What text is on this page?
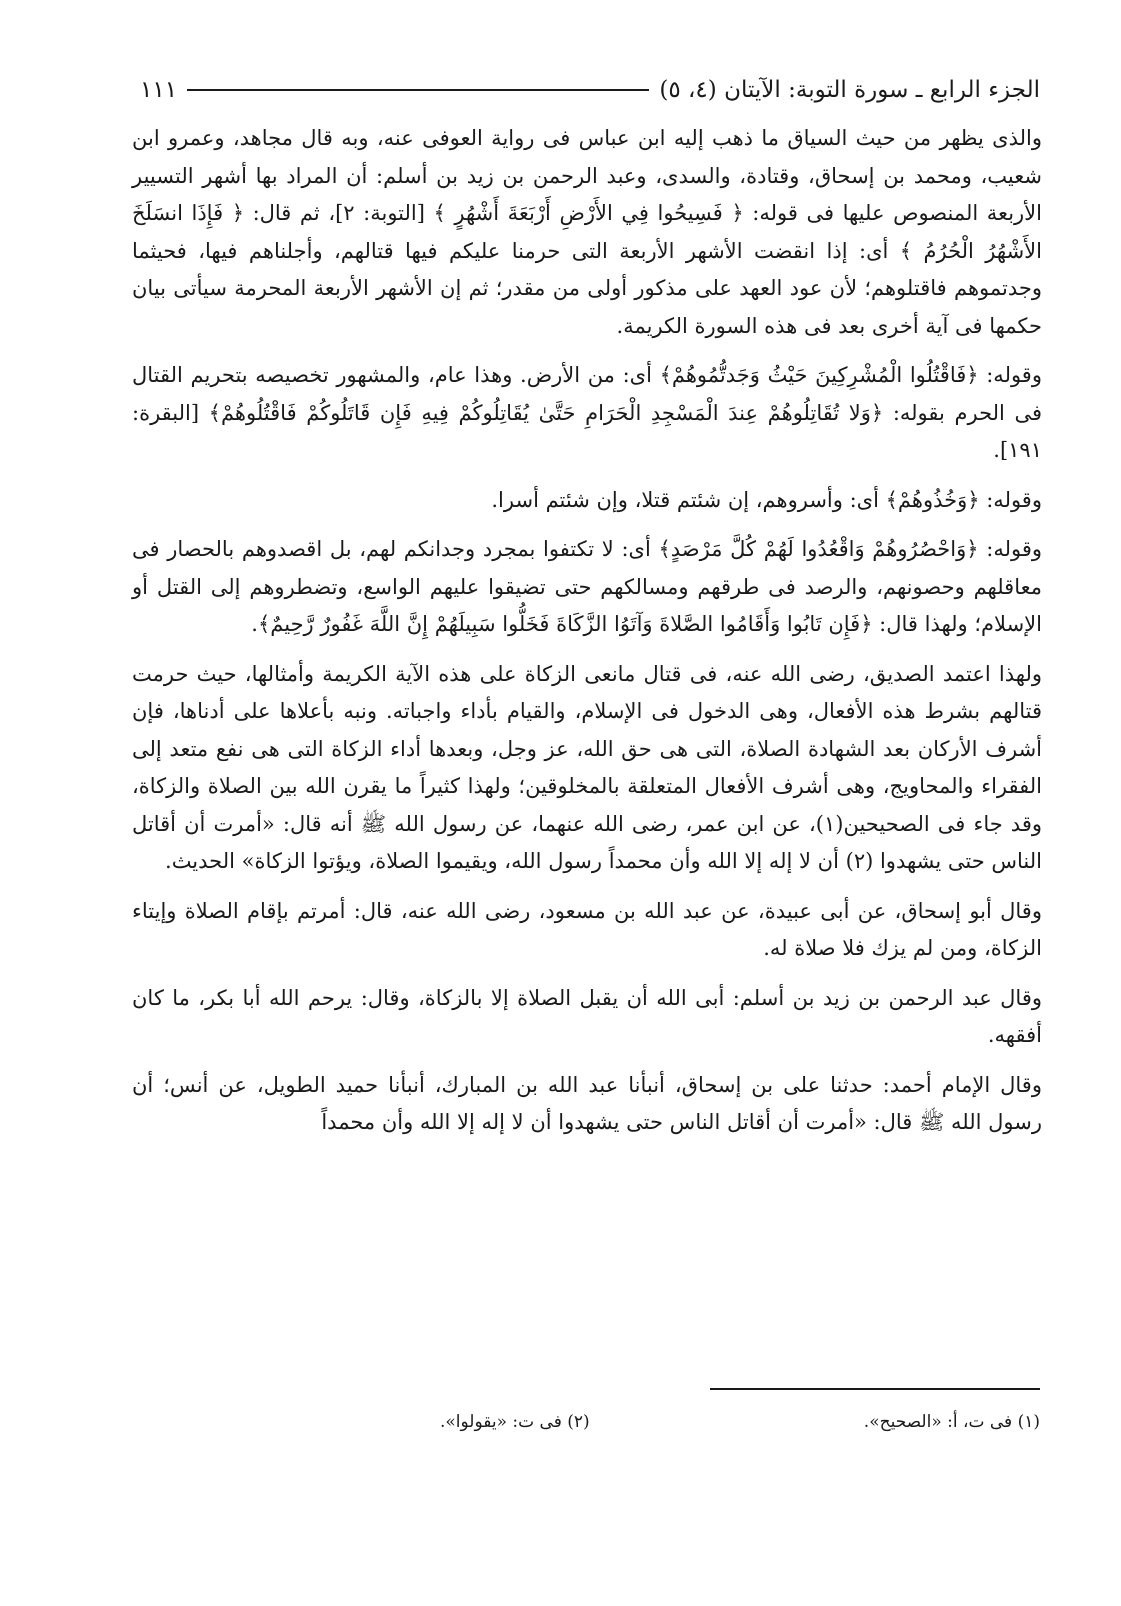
الجزء الرابع ـ سورة التوبة: الآيتان (٤، ٥)
١١١

والذى يظهر من حيث السياق ما ذهب إليه ابن عباس فى رواية العوفى عنه، وبه قال مجاهد، وعمرو ابن شعيب، ومحمد بن إسحاق، وقتادة، والسدى، وعبد الرحمن بن زيد بن أسلم: أن المراد بها أشهر التسيير الأربعة المنصوص عليها فى قوله: ﴿ فَسِيحُوا فِي الأَرْضِ أَرْبَعَةَ أَشْهُرٍ ﴾ [التوبة: ٢]، ثم قال: ﴿ فَإِذَا انسَلَخَ الأَشْهُرُ الْحُرُمُ ﴾ أى: إذا انقضت الأشهر الأربعة التى حرمنا عليكم فيها قتالهم، وأجلناهم فيها، فحيثما وجدتموهم فاقتلوهم؛ لأن عود العهد على مذكور أولى من مقدر؛ ثم إن الأشهر الأربعة المحرمة سيأتى بيان حكمها فى آية أخرى بعد فى هذه السورة الكريمة.

وقوله: ﴿فَاقْتُلُوا الْمُشْرِكِينَ حَيْثُ وَجَدتُّمُوهُمْ﴾ أى: من الأرض. وهذا عام، والمشهور تخصيصه بتحريم القتال فى الحرم بقوله: ﴿وَلا تُقَاتِلُوهُمْ عِندَ الْمَسْجِدِ الْحَرَامِ حَتَّىٰ يُقَاتِلُوكُمْ فِيهِ فَإِن قَاتَلُوكُمْ فَاقْتُلُوهُمْ﴾ [البقرة: ١٩١].

وقوله: ﴿وَخُذُوهُمْ﴾ أى: وأسروهم، إن شئتم قتلا، وإن شئتم أسرا.

وقوله: ﴿وَاحْصُرُوهُمْ وَاقْعُدُوا لَهُمْ كُلَّ مَرْصَدٍ﴾ أى: لا تكتفوا بمجرد وجدانكم لهم، بل اقصدوهم بالحصار فى معاقلهم وحصونهم، والرصد فى طرقهم ومسالكهم حتى تضيقوا عليهم الواسع، وتضطروهم إلى القتل أو الإسلام؛ ولهذا قال: ﴿فَإِن تَابُوا وَأَقَامُوا الصَّلاةَ وَآتَوُا الزَّكَاةَ فَخَلُّوا سَبِيلَهُمْ إِنَّ اللَّهَ غَفُورٌ رَّحِيمٌ﴾.

ولهذا اعتمد الصديق، رضى الله عنه، فى قتال مانعى الزكاة على هذه الآية الكريمة وأمثالها، حيث حرمت قتالهم بشرط هذه الأفعال، وهى الدخول فى الإسلام، والقيام بأداء واجباته. ونبه بأعلاها على أدناها، فإن أشرف الأركان بعد الشهادة الصلاة، التى هى حق الله، عز وجل، وبعدها أداء الزكاة التى هى نفع متعد إلى الفقراء والمحاويج، وهى أشرف الأفعال المتعلقة بالمخلوقين؛ ولهذا كثيراً ما يقرن الله بين الصلاة والزكاة، وقد جاء فى الصحيحين(١)، عن ابن عمر، رضى الله عنهما، عن رسول الله ﷺ أنه قال: «أمرت أن أقاتل الناس حتى يشهدوا (٢) أن لا إله إلا الله وأن محمداً رسول الله، ويقيموا الصلاة، ويؤتوا الزكاة» الحديث.

وقال أبو إسحاق، عن أبى عبيدة، عن عبد الله بن مسعود، رضى الله عنه، قال: أمرتم بإقام الصلاة وإيتاء الزكاة، ومن لم يزك فلا صلاة له.

وقال عبد الرحمن بن زيد بن أسلم: أبى الله أن يقبل الصلاة إلا بالزكاة، وقال: يرحم الله أبا بكر، ما كان أفقهه.

وقال الإمام أحمد: حدثنا على بن إسحاق، أنبأنا عبد الله بن المبارك، أنبأنا حميد الطويل، عن أنس؛ أن رسول الله ﷺ قال: «أمرت أن أقاتل الناس حتى يشهدوا أن لا إله إلا الله وأن محمداً

(١) فى ت، أ: «الصحيح».
(٢) فى ت: «يقولوا».
